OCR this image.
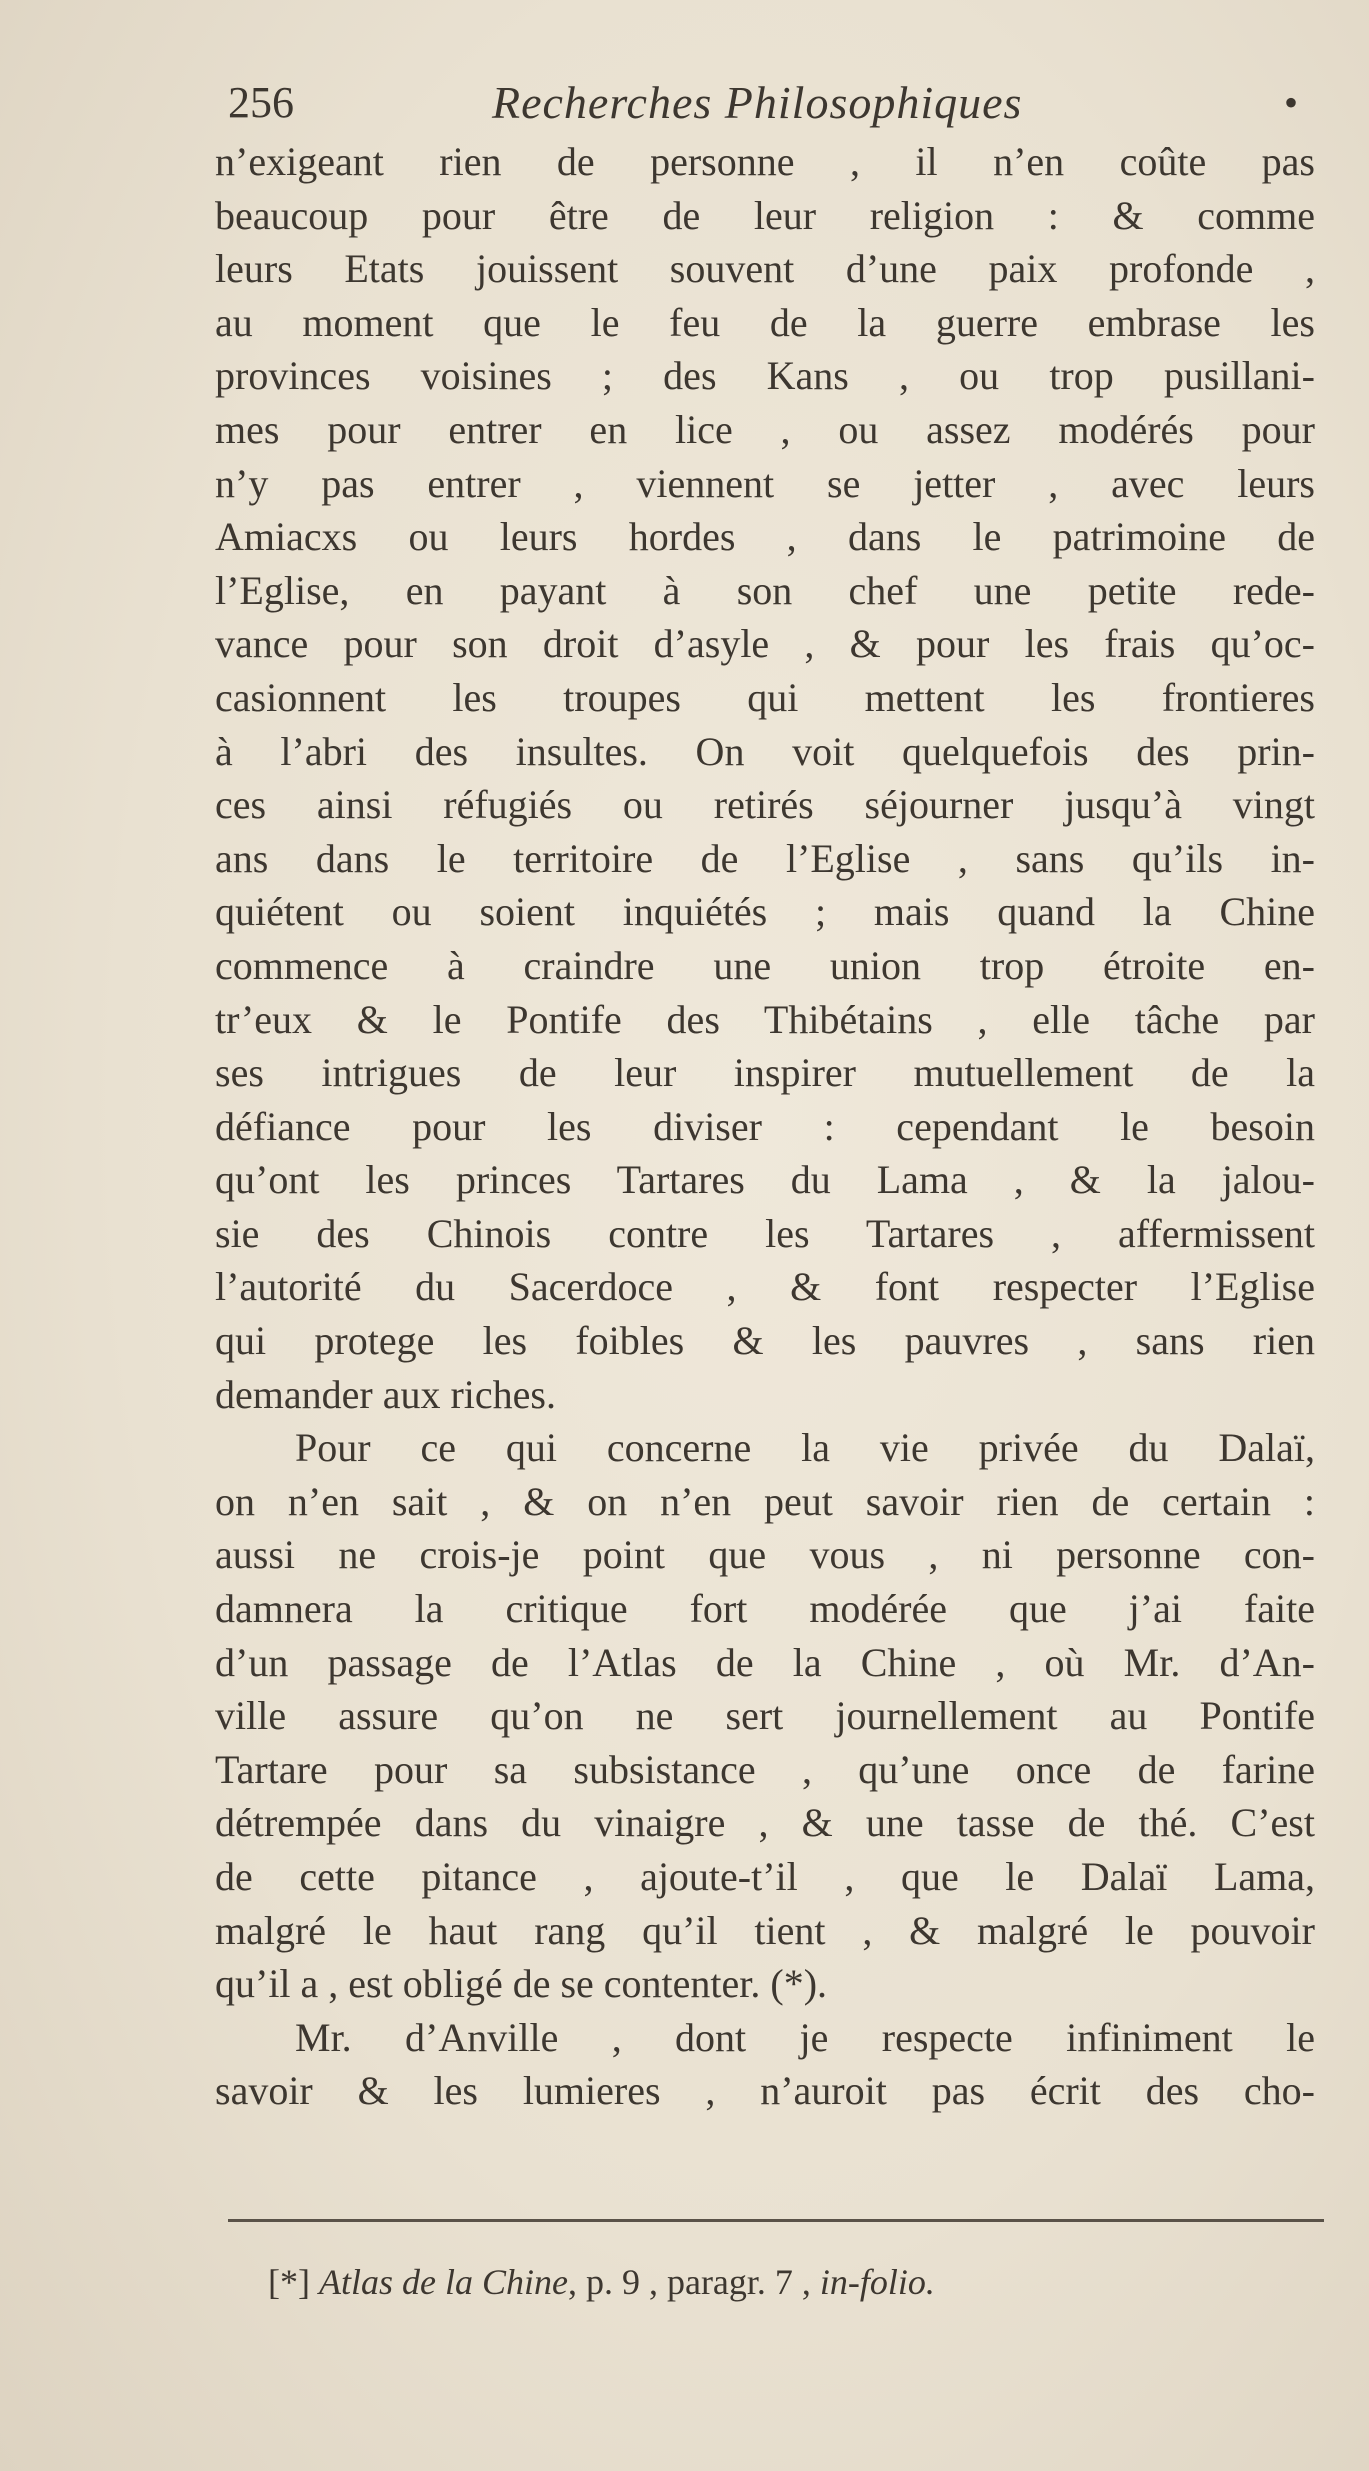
256	Recherches Philosophiques	•
n’exigeant rien de personne , il n’en coûte pas
beaucoup pour être de leur religion : & comme
leurs Etats jouissent souvent d’une paix profonde ,
au moment que le feu de la guerre embrase les
provinces voisines ; des Kans , ou trop pusillani-
mes pour entrer en lice , ou assez modérés pour
n’y pas entrer , viennent se jetter , avec leurs
Amiacxs ou leurs hordes , dans le patrimoine de
l’Eglise, en payant à son chef une petite rede-
vance pour son droit d’asyle , & pour les frais qu’oc-
casionnent les troupes qui mettent les frontieres
à l’abri des insultes. On voit quelquefois des prin-
ces ainsi réfugiés ou retirés séjourner jusqu’à vingt
ans dans le territoire de l’Eglise , sans qu’ils in-
quiétent ou soient inquiétés ; mais quand la Chine
commence à craindre une union trop étroite en-
tr’eux & le Pontife des Thibétains , elle tâche par
ses intrigues de leur inspirer mutuellement de la
défiance pour les diviser : cependant le besoin
qu’ont les princes Tartares du Lama , & la jalou-
sie des Chinois contre les Tartares , affermissent
l’autorité du Sacerdoce , & font respecter l’Eglise
qui protege les foibles & les pauvres , sans rien
demander aux riches.
Pour ce qui concerne la vie privée du Dalaï,
on n’en sait , & on n’en peut savoir rien de certain :
aussi ne crois-je point que vous , ni personne con-
damnera la critique fort modérée que j’ai faite
d’un passage de l’Atlas de la Chine , où Mr. d’An-
ville assure qu’on ne sert journellement au Pontife
Tartare pour sa subsistance , qu’une once de farine
détrempée dans du vinaigre , & une tasse de thé. C’est
de cette pitance , ajoute-t’il , que le Dalaï Lama,
malgré le haut rang qu’il tient , & malgré le pouvoir
qu’il a , est obligé de se contenter. (*).
Mr. d’Anville , dont je respecte infiniment le
savoir & les lumieres , n’auroit pas écrit des cho-
[*] Atlas de la Chine, p. 9 , paragr. 7 , in-folio.
